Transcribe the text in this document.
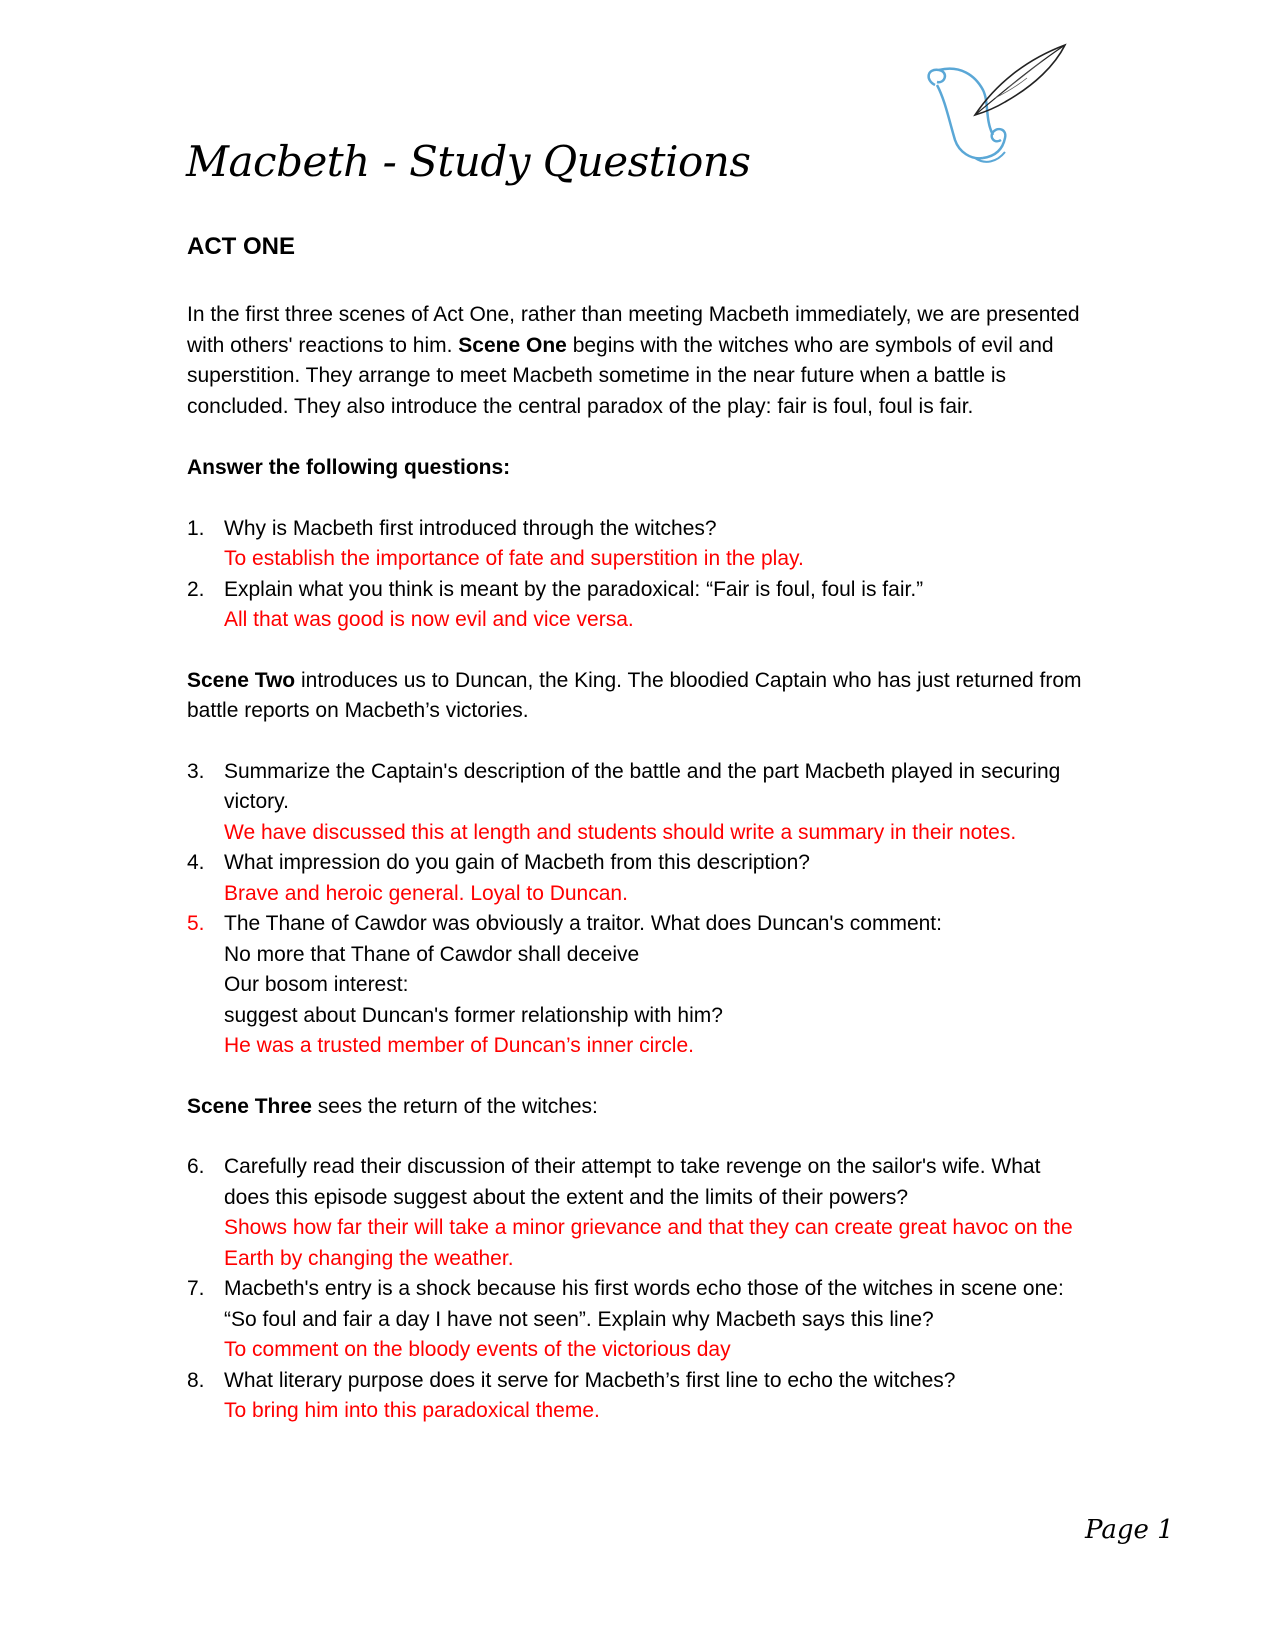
Macbeth - Study Questions
ACT ONE

In the first three scenes of Act One, rather than meeting Macbeth immediately, we are presented with others' reactions to him. Scene One begins with the witches who are symbols of evil and superstition. They arrange to meet Macbeth sometime in the near future when a battle is concluded. They also introduce the central paradox of the play: fair is foul, foul is fair.

Answer the following questions:

1. Why is Macbeth first introduced through the witches?
To establish the importance of fate and superstition in the play.
2. Explain what you think is meant by the paradoxical: “Fair is foul, foul is fair.”
All that was good is now evil and vice versa.

Scene Two introduces us to Duncan, the King. The bloodied Captain who has just returned from battle reports on Macbeth’s victories.

3. Summarize the Captain's description of the battle and the part Macbeth played in securing victory.
We have discussed this at length and students should write a summary in their notes.
4. What impression do you gain of Macbeth from this description?
Brave and heroic general. Loyal to Duncan.
5. The Thane of Cawdor was obviously a traitor. What does Duncan's comment:
No more that Thane of Cawdor shall deceive
Our bosom interest:
suggest about Duncan's former relationship with him?
He was a trusted member of Duncan’s inner circle.

Scene Three sees the return of the witches:

6. Carefully read their discussion of their attempt to take revenge on the sailor's wife. What does this episode suggest about the extent and the limits of their powers?
Shows how far their will take a minor grievance and that they can create great havoc on the Earth by changing the weather.
7. Macbeth's entry is a shock because his first words echo those of the witches in scene one: “So foul and fair a day I have not seen”. Explain why Macbeth says this line?
To comment on the bloody events of the victorious day
8. What literary purpose does it serve for Macbeth’s first line to echo the witches?
To bring him into this paradoxical theme.
Page 1
